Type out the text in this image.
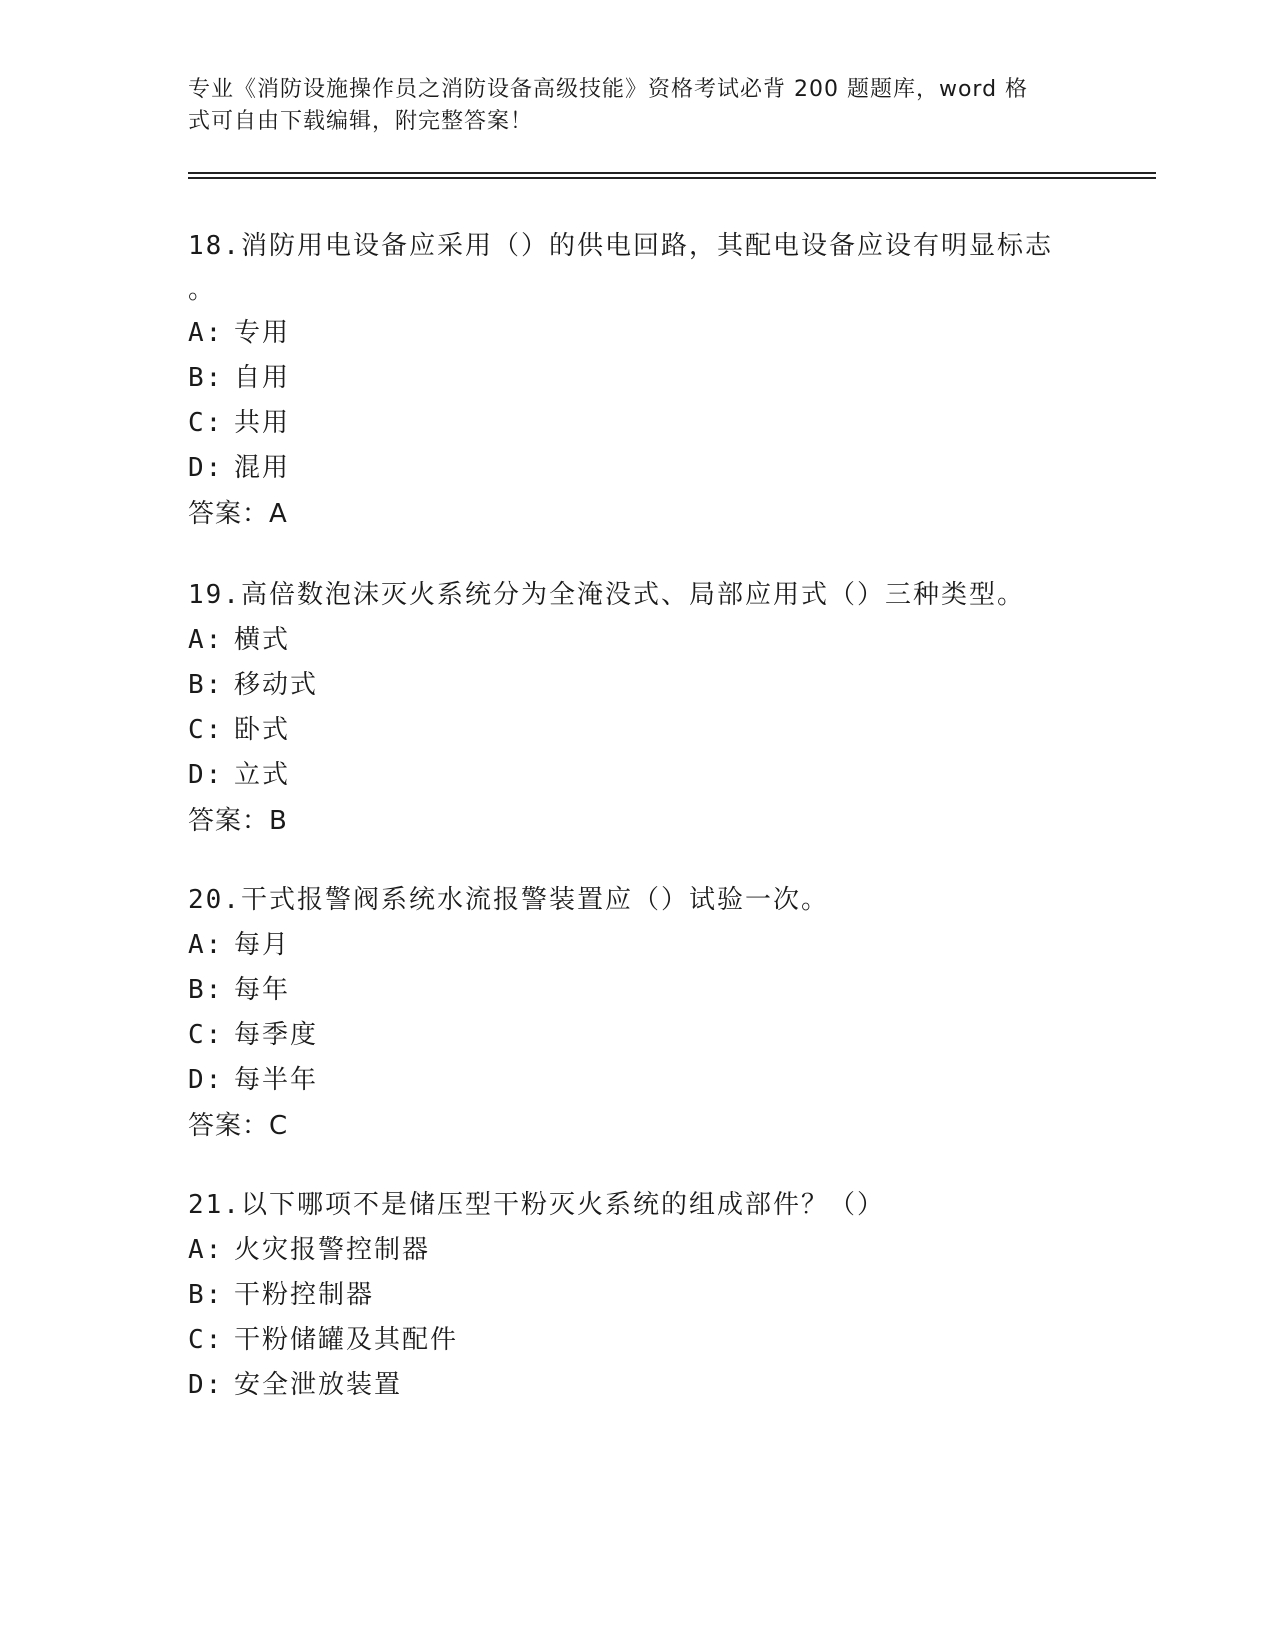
专业《消防设施操作员之消防设备高级技能》资格考试必背 200 题题库，word 格
式可自由下载编辑，附完整答案！
18.消防用电设备应采用（）的供电回路，其配电设备应设有明显标志
。
A: 专用
B: 自用
C: 共用
D: 混用
答案：A
19.高倍数泡沫灭火系统分为全淹没式、局部应用式（）三种类型。
A: 横式
B: 移动式
C: 卧式
D: 立式
答案：B
20.干式报警阀系统水流报警装置应（）试验一次。
A: 每月
B: 每年
C: 每季度
D: 每半年
答案：C
21.以下哪项不是储压型干粉灭火系统的组成部件？（）
A: 火灾报警控制器
B: 干粉控制器
C: 干粉储罐及其配件
D: 安全泄放装置
